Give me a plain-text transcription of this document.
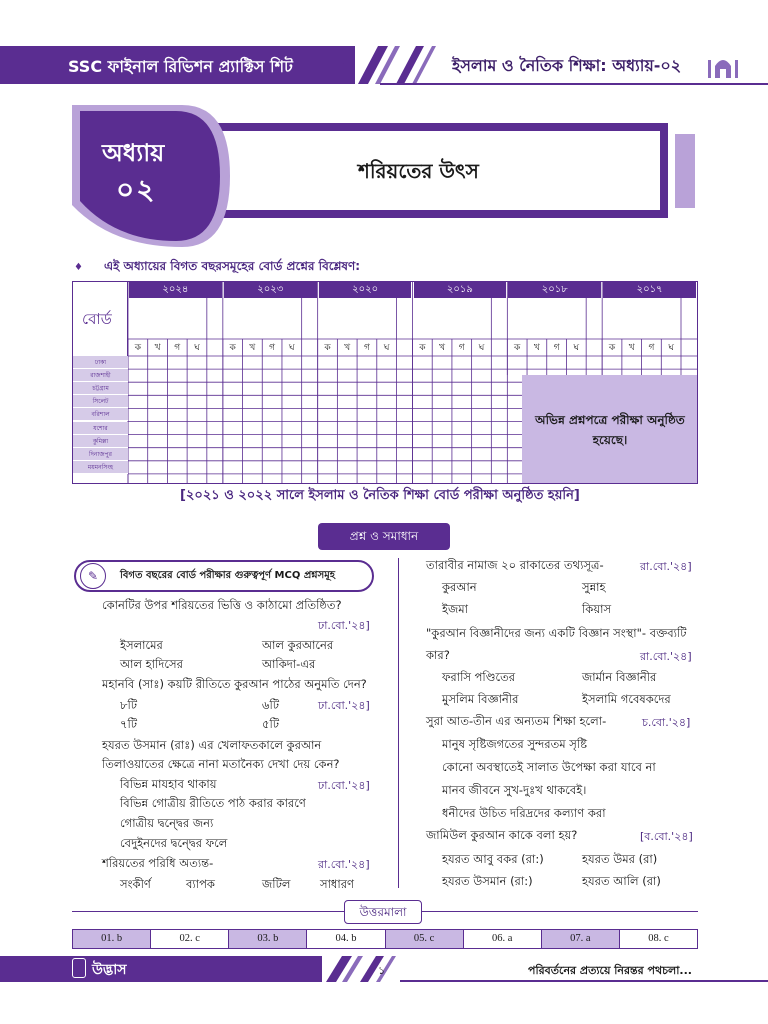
SSC ফাইনাল রিভিশন প্র্যাক্টিস শিট	ইসলাম ও নৈতিক শিক্ষা: অধ্যায়-০২
অধ্যায়
০২
শরিয়তের উৎস
♦ এই অধ্যায়ের বিগত বছরসমূহের বোর্ড প্রশ্নের বিশ্লেষণ:
বোর্ড
২০২৪	২০২৩	২০২০	২০১৯	২০১৮	২০১৭
ক	খ	গ	ঘ	ক	খ	গ	ঘ	ক	খ	গ	ঘ	ক	খ	গ	ঘ	ক	খ	গ	ঘ	ক	খ	গ	ঘ
ঢাকা
রাজশাহী
চট্টগ্রাম
সিলেট
বরিশাল
যশোর
কুমিল্লা
দিনাজপুর
ময়মনসিংহ
অভিন্ন প্রশ্নপত্রে পরীক্ষা অনুষ্ঠিত হয়েছে।
[২০২১ ও ২০২২ সালে ইসলাম ও নৈতিক শিক্ষা বোর্ড পরীক্ষা অনুষ্ঠিত হয়নি]
প্রশ্ন ও সমাধান
✎	বিগত বছরের বোর্ড পরীক্ষার গুরুত্বপূর্ণ MCQ প্রশ্নসমূহ
কোনটির উপর শরিয়তের ভিত্তি ও কাঠামো প্রতিষ্ঠিত?
ঢা.বো.'২৪]
ইসলামের	আল কুরআনের
আল হাদিসের	আকিদা-এর
মহানবি (সাঃ) কয়টি রীতিতে কুরআন পাঠের অনুমতি দেন?
৮টি	৬টি	ঢা.বো.'২৪]
৭টি	৫টি
হযরত উসমান (রাঃ) এর খেলাফতকালে কুরআন
তিলাওয়াতের ক্ষেত্রে নানা মতানৈক্য দেখা দেয় কেন?
বিভিন্ন মাযহাব থাকায়	ঢা.বো.'২৪]
বিভিন্ন গোত্রীয় রীতিতে পাঠ করার কারণে
গোত্রীয় দ্বন্দ্বের জন্য
বেদুইনদের দ্বন্দ্বের ফলে
শরিয়তের পরিধি অত্যন্ত-	রা.বো.'২৪]
সংকীর্ণ	ব্যাপক	জটিল	সাধারণ
তারাবীর নামাজ ২০ রাকাতের তথ্যসূত্র-	রা.বো.'২৪]
কুরআন	সুন্নাহ
ইজমা	কিয়াস
"কুরআন বিজ্ঞানীদের জন্য একটি বিজ্ঞান সংস্থা"- বক্তব্যটি
কার?	রা.বো.'২৪]
ফরাসি পণ্ডিতের	জার্মান বিজ্ঞানীর
মুসলিম বিজ্ঞানীর	ইসলামি গবেষকদের
সুরা আত-তীন এর অন্যতম শিক্ষা হলো-	চ.বো.'২৪]
মানুষ সৃষ্টিজগতের সুন্দরতম সৃষ্টি
কোনো অবস্থাতেই সালাত উপেক্ষা করা যাবে না
মানব জীবনে সুখ-দুঃখ থাকবেই।
ধনীদের উচিত দরিদ্রদের কল্যাণ করা
জামিউল কুরআন কাকে বলা হয়?	[ব.বো.'২৪]
হযরত আবু বকর (রা:)	হযরত উমর (রা)
হযরত উসমান (রা:)	হযরত আলি (রা)
উত্তরমালা
01. b	02. c	03. b	04. b	05. c	06. a	07. a	08. c
উদ্ভাস	১	পরিবর্তনের প্রত্যয়ে নিরন্তর পথচলা...
